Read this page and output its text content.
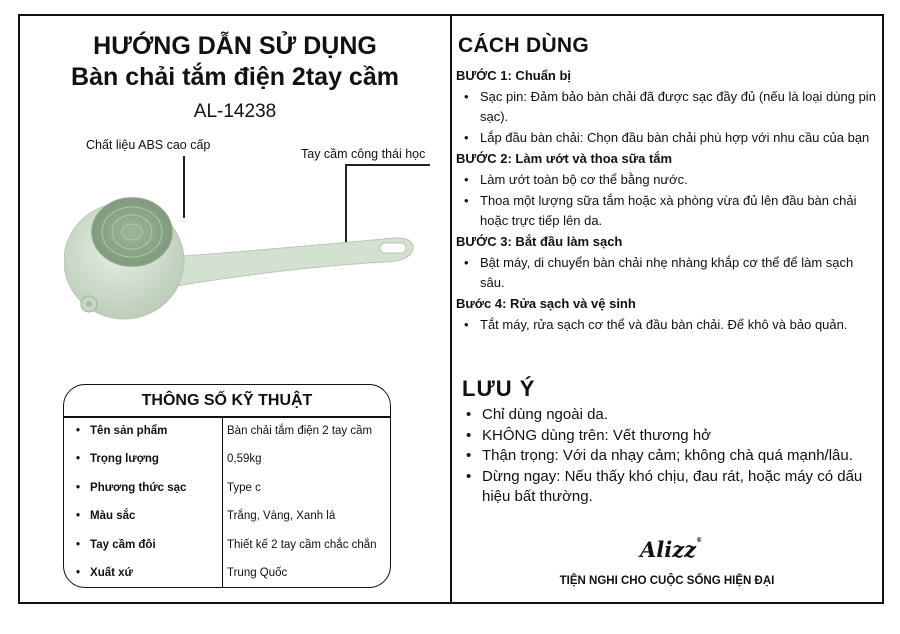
HƯỚNG DẪN SỬ DỤNG
Bàn chải tắm điện 2tay cầm
AL-14238
Chất liệu ABS cao cấp
Tay cầm công thái học
THÔNG SỐ KỸ THUẬT
• Tên sản phẩm	Bàn chải tắm điện 2 tay cầm
• Trọng lượng	0,59kg
• Phương thức sạc	Type c
• Màu sắc	Trắng, Vàng, Xanh lá
• Tay cầm đôi	Thiết kế 2 tay cầm chắc chắn
• Xuất xứ	Trung Quốc
CÁCH DÙNG

BƯỚC 1: Chuẩn bị

• Sạc pin: Đảm bảo bàn chải đã được sạc đầy đủ (nếu là loại dùng pin sạc).
• Lắp đầu bàn chải: Chọn đầu bàn chải phù hợp với nhu cầu của bạn

BƯỚC 2: Làm ướt và thoa sữa tắm

• Làm ướt toàn bộ cơ thể bằng nước.
• Thoa một lượng sữa tắm hoặc xà phòng vừa đủ lên đầu bàn chải hoặc trực tiếp lên da.

BƯỚC 3: Bắt đầu làm sạch

• Bật máy, di chuyển bàn chải nhẹ nhàng khắp cơ thể để làm sạch sâu.

Bước 4: Rửa sạch và vệ sinh

• Tắt máy, rửa sạch cơ thể và đầu bàn chải. Để khô và bảo quản.
LƯU Ý
• Chỉ dùng ngoài da.
• KHÔNG dùng trên: Vết thương hở
• Thận trọng: Với da nhạy cảm; không chà quá mạnh/lâu.
• Dừng ngay: Nếu thấy khó chịu, đau rát, hoặc máy có dấu hiệu bất thường.
Alizz®
TIỆN NGHI CHO CUỘC SỐNG HIỆN ĐẠI
